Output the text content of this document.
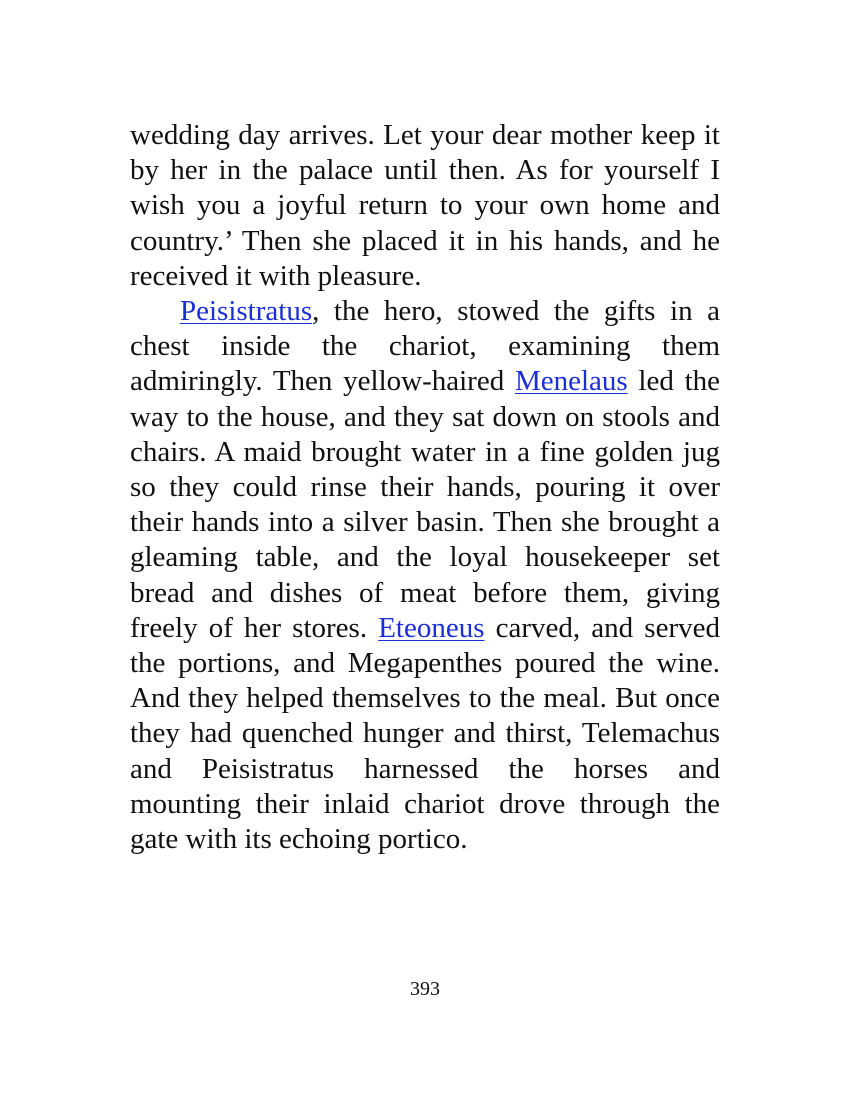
wedding day arrives. Let your dear mother keep it by her in the palace until then. As for yourself I wish you a joyful return to your own home and country.’ Then she placed it in his hands, and he received it with pleasure.

Peisistratus, the hero, stowed the gifts in a chest inside the chariot, examining them admiringly. Then yellow-haired Menelaus led the way to the house, and they sat down on stools and chairs. A maid brought water in a fine golden jug so they could rinse their hands, pouring it over their hands into a silver basin. Then she brought a gleaming table, and the loyal housekeeper set bread and dishes of meat before them, giving freely of her stores. Eteoneus carved, and served the portions, and Megapenthes poured the wine. And they helped themselves to the meal. But once they had quenched hunger and thirst, Telemachus and Peisistratus harnessed the horses and mounting their inlaid chariot drove through the gate with its echoing portico.

393
